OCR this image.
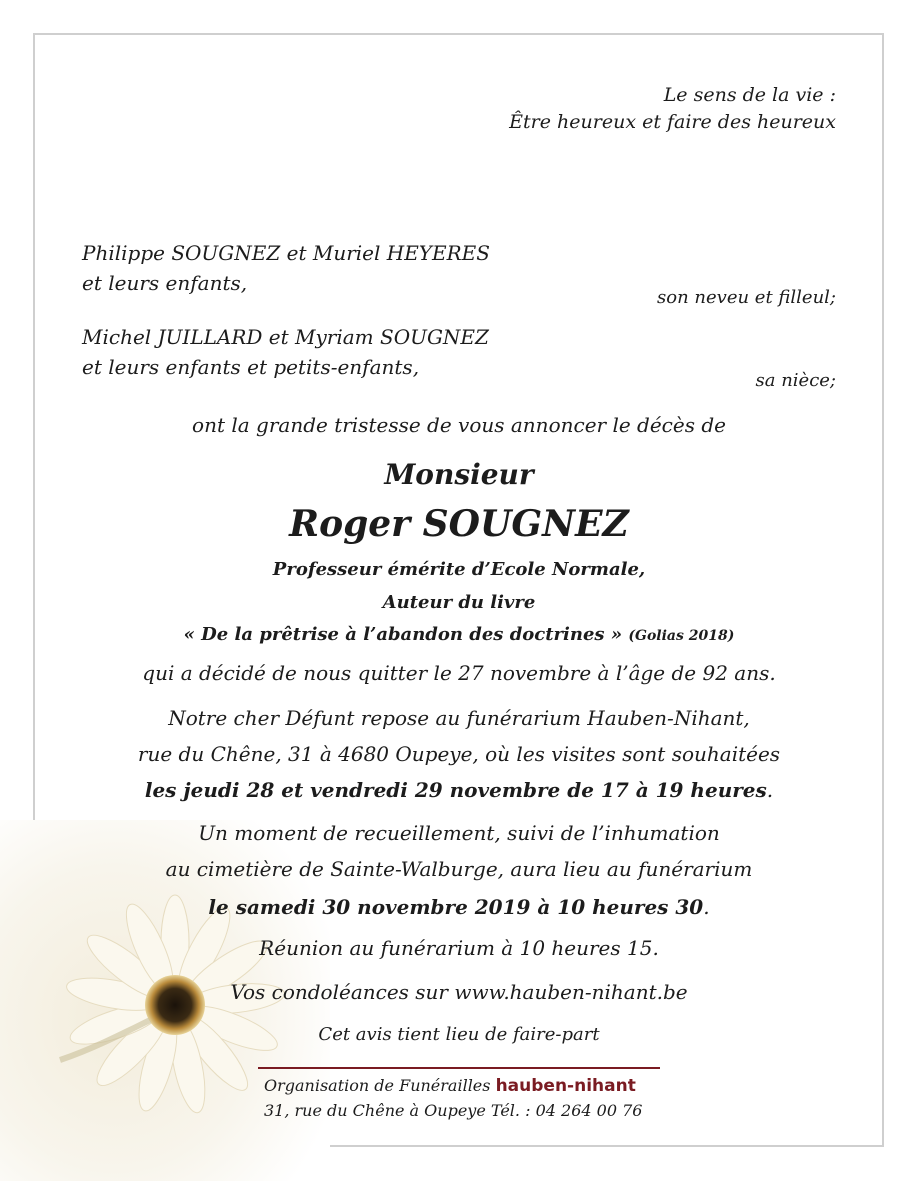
Le sens de la vie :
Être heureux et faire des heureux
Philippe SOUGNEZ et Muriel HEYERES
et leurs enfants,
son neveu et filleul;
Michel JUILLARD et Myriam SOUGNEZ
et leurs enfants et petits-enfants,
sa nièce;
ont la grande tristesse de vous annoncer le décès de
Monsieur
Roger SOUGNEZ
Professeur émérite d’Ecole Normale,
Auteur du livre
« De la prêtrise à l’abandon des doctrines » (Golias 2018)
qui a décidé de nous quitter le 27 novembre à l’âge de 92 ans.
Notre cher Défunt repose au funérarium Hauben-Nihant,
rue du Chêne, 31 à 4680 Oupeye, où les visites sont souhaitées
les jeudi 28 et vendredi 29 novembre de 17 à 19 heures.
Un moment de recueillement, suivi de l’inhumation
au cimetière de Sainte-Walburge, aura lieu au funérarium
le samedi 30 novembre 2019 à 10 heures 30.
Réunion au funérarium à 10 heures 15.
Vos condoléances sur www.hauben-nihant.be
Cet avis tient lieu de faire-part
Organisation de Funérailles hauben-nihant
31, rue du Chêne à Oupeye Tél. : 04 264 00 76
